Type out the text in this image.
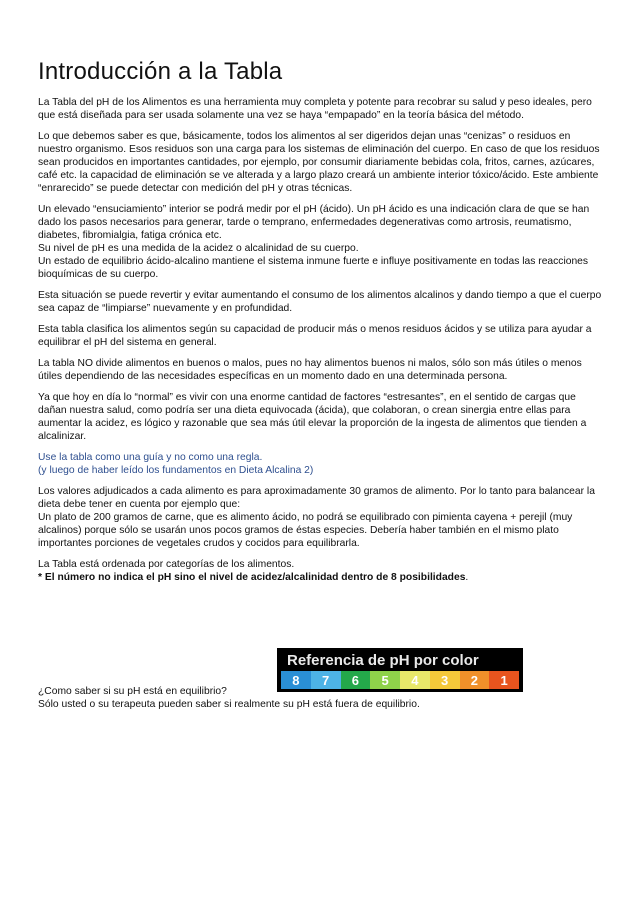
Introducción a la Tabla

La Tabla del pH de los Alimentos es una herramienta muy completa y potente para recobrar su salud y peso ideales, pero que está diseñada para ser usada solamente una vez se haya “empapado” en la teoría básica del método.

Lo que debemos saber es que, básicamente, todos los alimentos al ser digeridos dejan unas “cenizas” o residuos en nuestro organismo. Esos residuos son una carga para los sistemas de eliminación del cuerpo. En caso de que los residuos sean producidos en importantes cantidades, por ejemplo, por consumir diariamente bebidas cola, fritos, carnes, azúcares, café etc. la capacidad de eliminación se ve alterada y a largo plazo creará un ambiente interior tóxico/ácido. Este ambiente “enrarecido” se puede detectar con medición del pH y otras técnicas.

Un elevado “ensuciamiento” interior se podrá medir por el pH (ácido). Un pH ácido es una indicación clara de que se han dado los pasos necesarios para generar, tarde o temprano, enfermedades degenerativas como artrosis, reumatismo, diabetes, fibromialgia, fatiga crónica etc.

Su nivel de pH es una medida de la acidez o alcalinidad de su cuerpo.

Un estado de equilibrio ácido-alcalino mantiene el sistema inmune fuerte e influye positivamente en todas las reacciones bioquímicas de su cuerpo.

Esta situación se puede revertir y evitar aumentando el consumo de los alimentos alcalinos y dando tiempo a que el cuerpo sea capaz de “limpiarse” nuevamente y en profundidad.

Esta tabla clasifica los alimentos según su capacidad de producir más o menos residuos ácidos y se utiliza para ayudar a equilibrar el pH del sistema en general.

La tabla NO divide alimentos en buenos o malos, pues no hay alimentos buenos ni malos, sólo son más útiles o menos útiles dependiendo de las necesidades específicas en un momento dado en una determinada persona.

Ya que hoy en día lo “normal” es vivir con una enorme cantidad de factores “estresantes”, en el sentido de cargas que dañan nuestra salud, como podría ser una dieta equivocada (ácida), que colaboran, o crean sinergia entre ellas para aumentar la acidez, es lógico y razonable que sea más útil elevar la proporción de la ingesta de alimentos que tienden a alcalinizar.

Use la tabla como una guía y no como una regla.
(y luego de haber leído los fundamentos en Dieta Alcalina 2)

Los valores adjudicados a cada alimento es para aproximadamente 30 gramos de alimento. Por lo tanto para balancear la dieta debe tener en cuenta por ejemplo que:
Un plato de 200 gramos de carne, que es alimento ácido, no podrá se equilibrado con pimienta cayena + perejil (muy alcalinos) porque sólo se usarán unos pocos gramos de éstas especies. Debería haber también en el mismo plato importantes porciones de vegetales crudos y cocidos para equilibrarla.

La Tabla está ordenada por categorías de los alimentos.
* El número no indica el pH sino el nivel de acidez/alcalinidad dentro de 8 posibilidades.

Referencia de pH por color
8	7	6	5	4	3	2	1

¿Como saber si su pH está en equilibrio?

Sólo usted o su terapeuta pueden saber si realmente su pH está fuera de equilibrio.
